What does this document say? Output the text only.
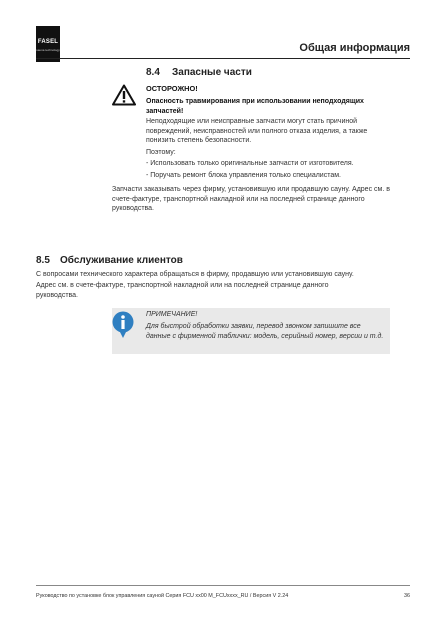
FASEL
sauna technology	Общая информация
8.4 Запасные части
ОСТОРОЖНО!
Опасность травмирования при использовании неподходящих запчастей!
Неподходящие или неисправные запчасти могут стать причиной повреждений, неисправностей или полного отказа изделия, а также понизить степень безопасности.
Поэтому:
- Использовать только оригинальные запчасти от изготовителя.
- Поручать ремонт блока управления только специалистам.
Запчасти заказывать через фирму, установившую или продавшую сауну. Адрес см. в счете-фактуре, транспортной накладной или на последней странице данного руководства.
8.5 Обслуживание клиентов
С вопросами технического характера обращаться в фирму, продавшую или установившую сауну.
Адрес см. в счете-фактуре, транспортной накладной или на последней странице данного руководства.
ПРИМЕЧАНИЕ!
Для быстрой обработки заявки, перевод звонком запишите все данные с фирменной таблички: модель, серийный номер, версии и т.д.
Руководство по установке блок управления сауной Серия FCU xx00 M_FCUxxxx_RU / Версия V 2.24	36
